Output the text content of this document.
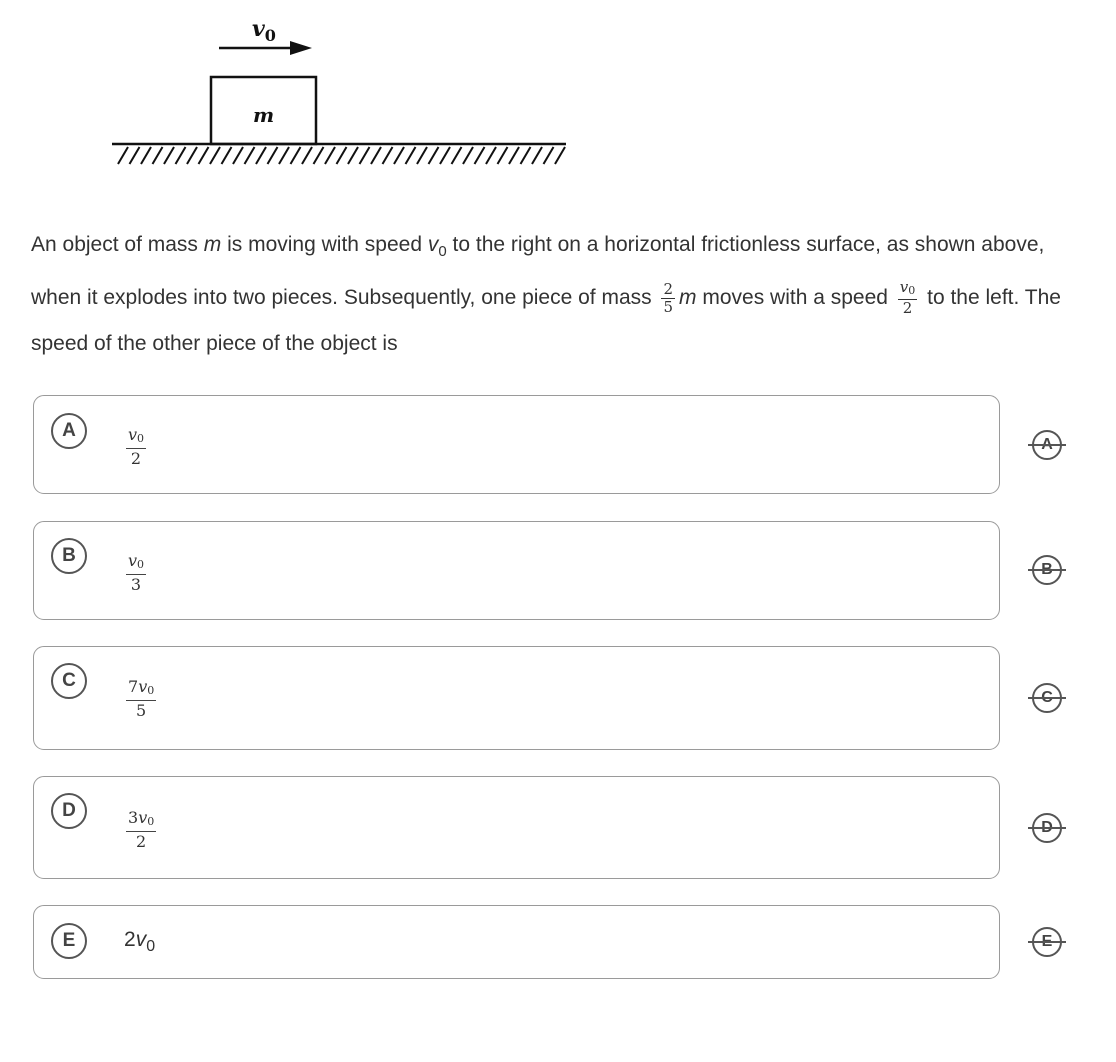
$v_0$
m
An object of mass m is moving with speed $v_0$ to the right on a horizontal frictionless surface, as shown above, when it explodes into two pieces. Subsequently, one piece of mass $\frac{2}{5}$ m moves with a speed $\frac{v_0}{2}$ to the left. The speed of the other piece of the object is
A	$\frac{v_0}{2}$
B	$\frac{v_0}{3}$
C	$\frac{7v_0}{5}$
D	$\frac{3v_0}{2}$
E	$2v_0$
